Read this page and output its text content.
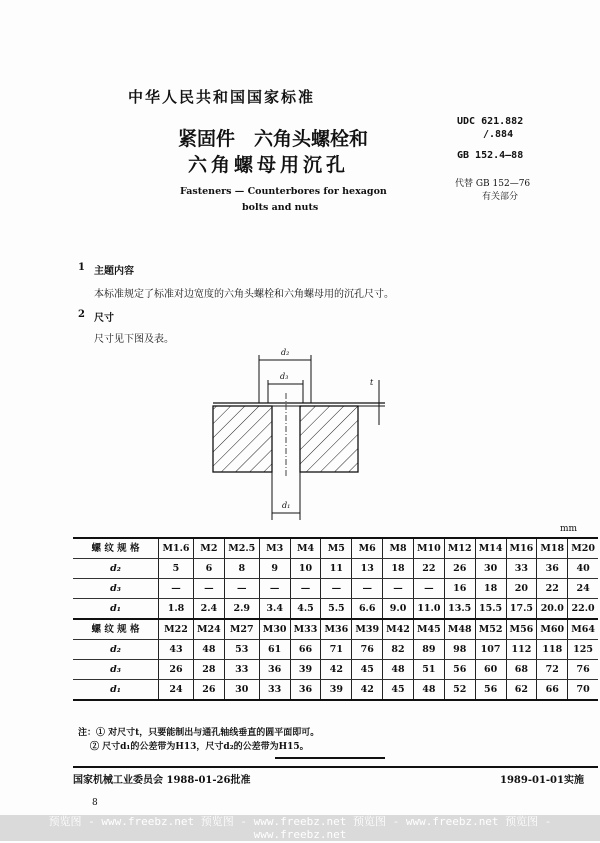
中华人民共和国国家标准
紧固件　六角头螺栓和
六角螺母用沉孔
Fasteners — Counterbores for hexagon
bolts and nuts
UDC 621.882
/.884
GB 152.4—88
代替 GB 152—76
有关部分
1 主题内容
本标准规定了标准对边宽度的六角头螺栓和六角螺母用的沉孔尺寸。
2 尺寸
尺寸见下图及表。
d₂
d₃
d₁
t
mm
螺 纹 规 格	M1.6	M2	M2.5	M3	M4	M5	M6	M8	M10	M12	M14	M16	M18	M20
d₂	5	6	8	9	10	11	13	18	22	26	30	33	36	40
d₃	—	—	—	—	—	—	—	—	—	16	18	20	22	24
d₁	1.8	2.4	2.9	3.4	4.5	5.5	6.6	9.0	11.0	13.5	15.5	17.5	20.0	22.0
螺 纹 规 格	M22	M24	M27	M30	M33	M36	M39	M42	M45	M48	M52	M56	M60	M64
d₂	43	48	53	61	66	71	76	82	89	98	107	112	118	125
d₃	26	28	33	36	39	42	45	48	51	56	60	68	72	76
d₁	24	26	30	33	36	39	42	45	48	52	56	62	66	70
注：① 对尺寸t，只要能制出与通孔轴线垂直的圆平面即可。
② 尺寸d₁的公差带为H13，尺寸d₂的公差带为H15。
国家机械工业委员会 1988-01-26批准	1989-01-01实施
8
预览图 - www.freebz.net 预览图 - www.freebz.net 预览图 - www.freebz.net 预览图 - www.freebz.net
